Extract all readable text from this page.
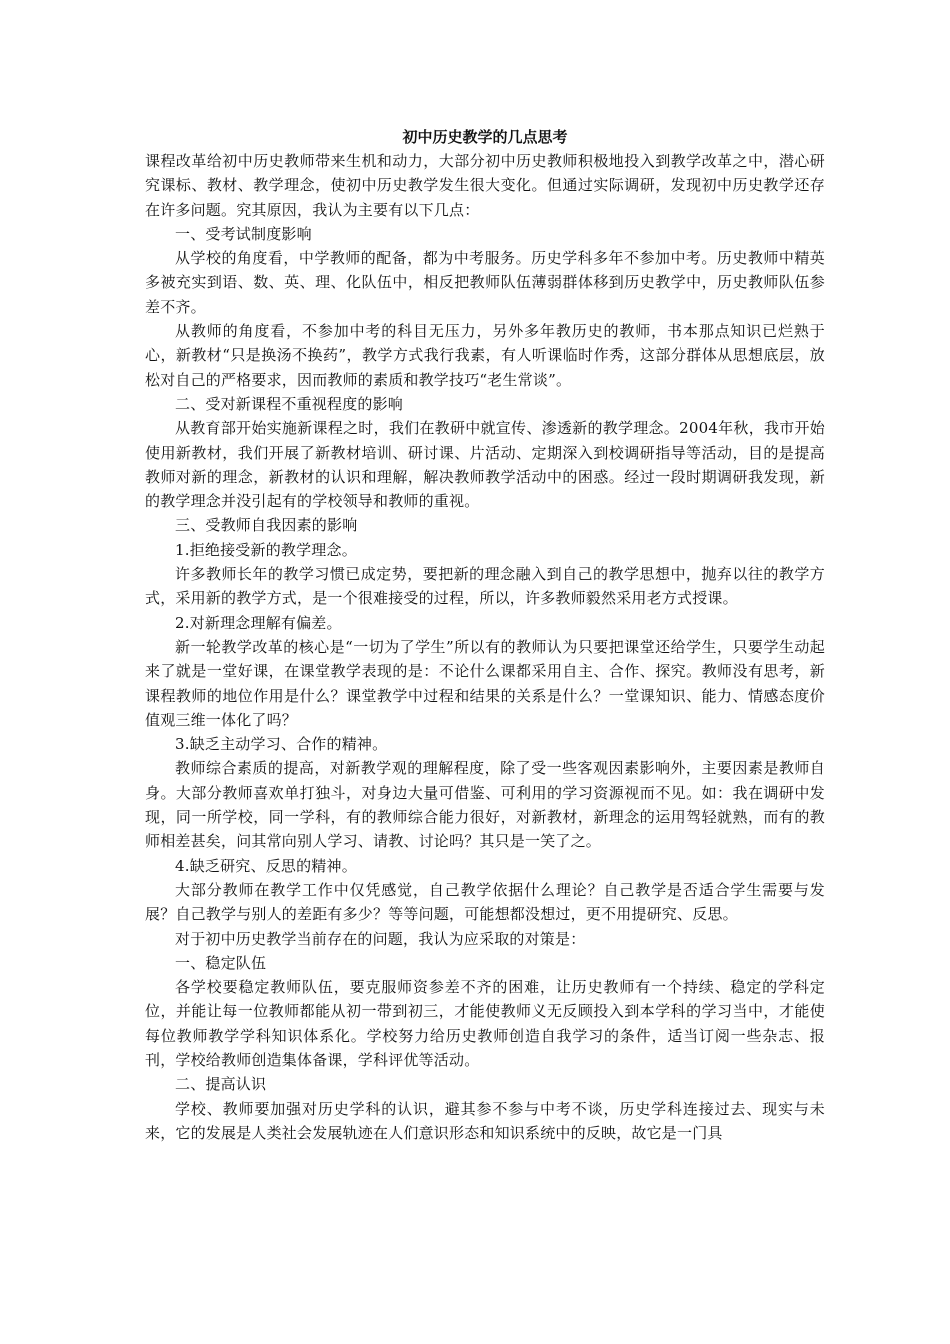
初中历史教学的几点思考

课程改革给初中历史教师带来生机和动力，大部分初中历史教师积极地投入到教学改革之中，潜心研究课标、教材、教学理念，使初中历史教学发生很大变化。但通过实际调研，发现初中历史教学还存在许多问题。究其原因，我认为主要有以下几点：

一、受考试制度影响

从学校的角度看，中学教师的配备，都为中考服务。历史学科多年不参加中考。历史教师中精英多被充实到语、数、英、理、化队伍中，相反把教师队伍薄弱群体移到历史教学中，历史教师队伍参差不齐。

从教师的角度看，不参加中考的科目无压力，另外多年教历史的教师，书本那点知识已烂熟于心，新教材“只是换汤不换药”，教学方式我行我素，有人听课临时作秀，这部分群体从思想底层，放松对自己的严格要求，因而教师的素质和教学技巧“老生常谈”。

二、受对新课程不重视程度的影响

从教育部开始实施新课程之时，我们在教研中就宣传、渗透新的教学理念。2004年秋，我市开始使用新教材，我们开展了新教材培训、研讨课、片活动、定期深入到校调研指导等活动，目的是提高教师对新的理念，新教材的认识和理解，解决教师教学活动中的困惑。经过一段时期调研我发现，新的教学理念并没引起有的学校领导和教师的重视。

三、受教师自我因素的影响

1.拒绝接受新的教学理念。

许多教师长年的教学习惯已成定势，要把新的理念融入到自己的教学思想中，抛弃以往的教学方式，采用新的教学方式，是一个很难接受的过程，所以，许多教师毅然采用老方式授课。

2.对新理念理解有偏差。

新一轮教学改革的核心是“一切为了学生”所以有的教师认为只要把课堂还给学生，只要学生动起来了就是一堂好课，在课堂教学表现的是：不论什么课都采用自主、合作、探究。教师没有思考，新课程教师的地位作用是什么？课堂教学中过程和结果的关系是什么？一堂课知识、能力、情感态度价值观三维一体化了吗？

3.缺乏主动学习、合作的精神。

教师综合素质的提高，对新教学观的理解程度，除了受一些客观因素影响外，主要因素是教师自身。大部分教师喜欢单打独斗，对身边大量可借鉴、可利用的学习资源视而不见。如：我在调研中发现，同一所学校，同一学科，有的教师综合能力很好，对新教材，新理念的运用驾轻就熟，而有的教师相差甚矣，问其常向别人学习、请教、讨论吗？其只是一笑了之。

4.缺乏研究、反思的精神。

大部分教师在教学工作中仅凭感觉，自己教学依据什么理论？自己教学是否适合学生需要与发展？自己教学与别人的差距有多少？等等问题，可能想都没想过，更不用提研究、反思。

对于初中历史教学当前存在的问题，我认为应采取的对策是：

一、稳定队伍

各学校要稳定教师队伍，要克服师资参差不齐的困难，让历史教师有一个持续、稳定的学科定位，并能让每一位教师都能从初一带到初三，才能使教师义无反顾投入到本学科的学习当中，才能使每位教师教学学科知识体系化。学校努力给历史教师创造自我学习的条件，适当订阅一些杂志、报刊，学校给教师创造集体备课，学科评优等活动。

二、提高认识

学校、教师要加强对历史学科的认识，避其参不参与中考不谈，历史学科连接过去、现实与未来，它的发展是人类社会发展轨迹在人们意识形态和知识系统中的反映，故它是一门具
